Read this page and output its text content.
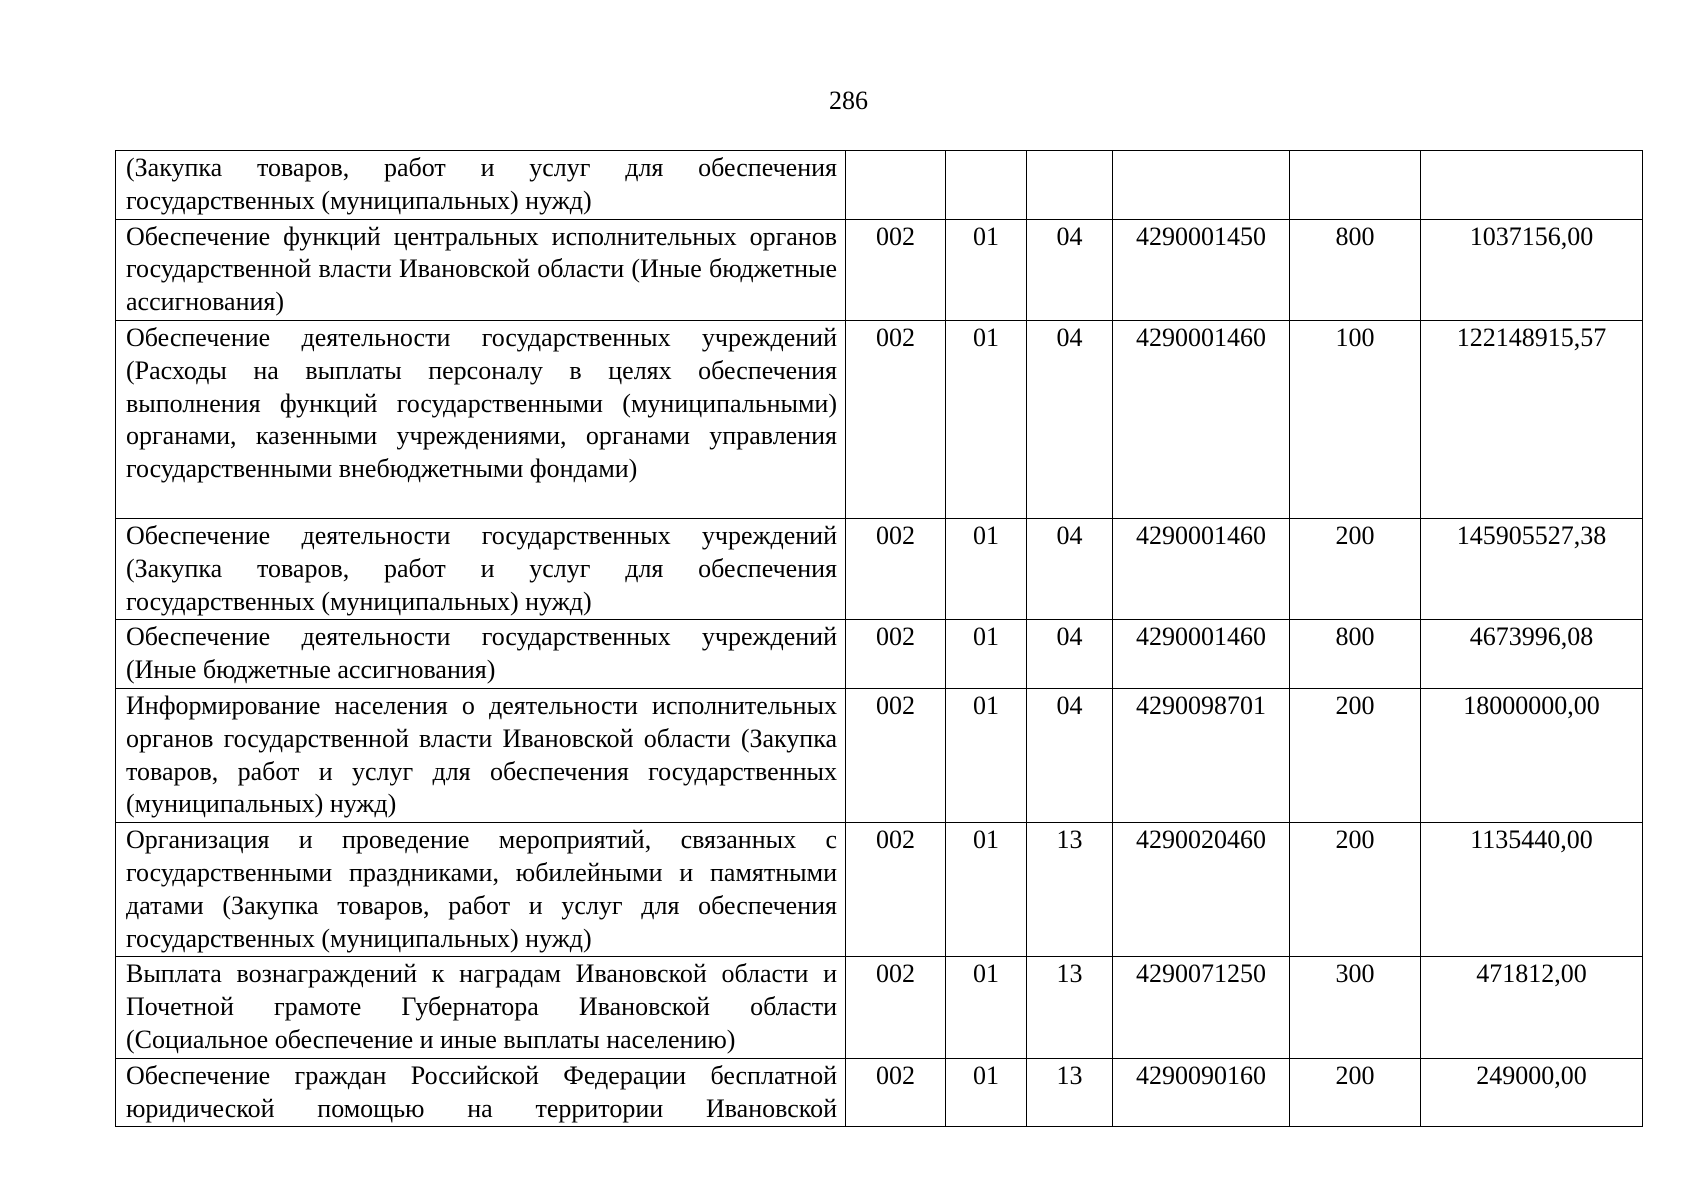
286
(Закупка товаров, работ и услуг для обеспечения государственных (муниципальных) нужд)						
Обеспечение функций центральных исполнительных органов государственной власти Ивановской области (Иные бюджетные ассигнования)	002	01	04	4290001450	800	1037156,00
Обеспечение деятельности государственных учреждений (Расходы на выплаты персоналу в целях обеспечения выполнения функций государственными (муниципальными) органами, казенными учреждениями, органами управления государственными внебюджетными фондами)	002	01	04	4290001460	100	122148915,57
Обеспечение деятельности государственных учреждений (Закупка товаров, работ и услуг для обеспечения государственных (муниципальных) нужд)	002	01	04	4290001460	200	145905527,38
Обеспечение деятельности государственных учреждений (Иные бюджетные ассигнования)	002	01	04	4290001460	800	4673996,08
Информирование населения о деятельности исполнительных органов государственной власти Ивановской области (Закупка товаров, работ и услуг для обеспечения государственных (муниципальных) нужд)	002	01	04	4290098701	200	18000000,00
Организация и проведение мероприятий, связанных с государственными праздниками, юбилейными и памятными датами (Закупка товаров, работ и услуг для обеспечения государственных (муниципальных) нужд)	002	01	13	4290020460	200	1135440,00
Выплата вознаграждений к наградам Ивановской области и Почетной грамоте Губернатора Ивановской области (Социальное обеспечение и иные выплаты населению)	002	01	13	4290071250	300	471812,00
Обеспечение граждан Российской Федерации бесплатной юридической помощью на территории Ивановской	002	01	13	4290090160	200	249000,00
